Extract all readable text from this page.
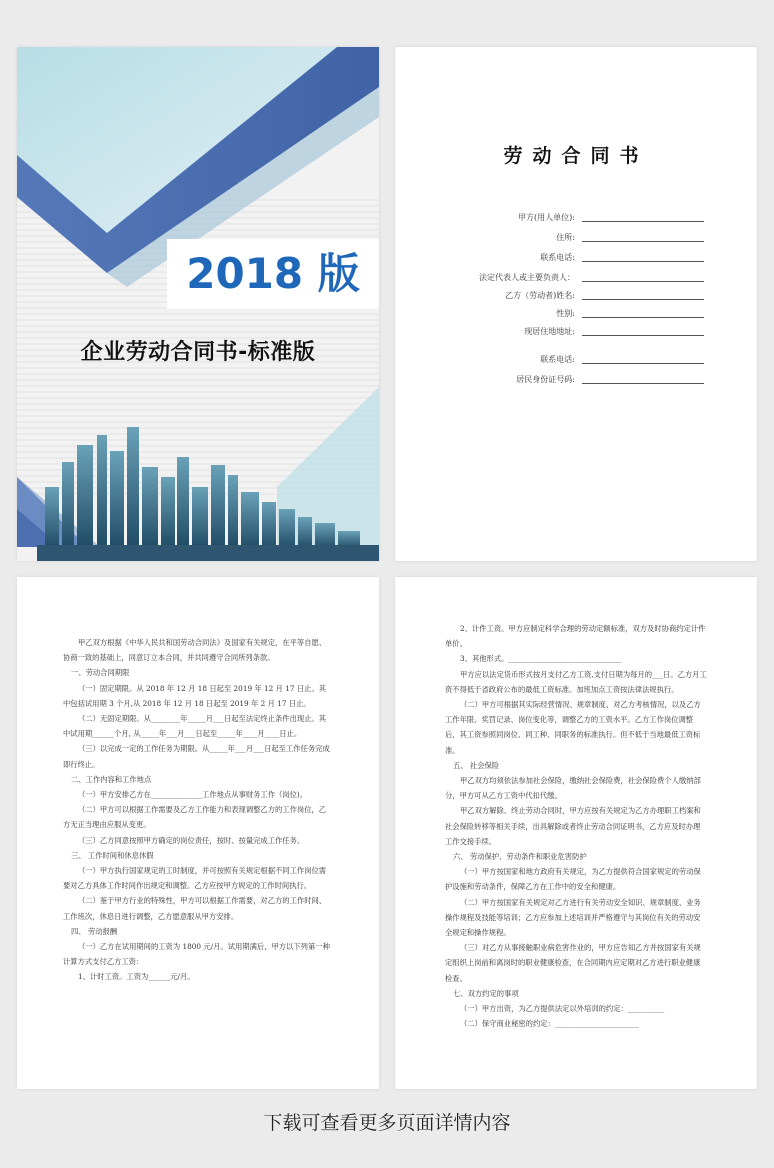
2018 版
企业劳动合同书-标准版
劳动合同书
甲方(用人单位):
住所:
联系电话:
法定代表人或主要负责人：
乙方（劳动者)姓名:
性别:
现居住地地址:
联系电话:
居民身份证号码:

甲乙双方根据《中华人民共和国劳动合同法》及国家有关规定，在平等自愿、协商一致的基础上，同意订立本合同，并共同遵守合同所列条款。

一、劳动合同期限

（一）固定期限。从 2018 年 12 月 18 日起至 2019 年 12 月 17 日止。其中包括试用期 3 个月,从 2018 年 12 月 18 日起至 2019 年 2 月 17 日止。

（二）无固定期限。从________年_____月___日起至法定终止条件出现止。其中试用期______个月, 从_____年___月___日起至_____年____月____日止。

（三）以完成一定的工作任务为期限。从_____年___月___日起至工作任务完成即行终止。

二、工作内容和工作地点

（一）甲方安排乙方在______________工作地点从事财务工作（岗位)。

（二）甲方可以根据工作需要及乙方工作能力和表现调整乙方的工作岗位，乙方无正当理由应服从变更。

（三）乙方同意按照甲方确定的岗位责任，按时、按量完成工作任务。

三、 工作时间和休息休假

（一）甲方执行国家规定的工时制度，并可按照有关规定根据不同工作岗位需要对乙方具体工作时间作出规定和调整。乙方应按甲方规定的工作时间执行。

（二）鉴于甲方行业的特殊性，甲方可以根据工作需要，对乙方的工作时间、工作班次，休息日进行调整，乙方愿意服从甲方安排。

四、 劳动报酬

（一）乙方在试用期间的工资为 1800 元/月。试用期满后，甲方以下列第一种计算方式支付乙方工资：

1、计时工资。工资为______元/月。

2、计件工资。甲方应制定科学合理的劳动定额标准，双方及时协商约定计件单价。

3、其他形式。_______________________________

甲方应以法定货币形式按月支付乙方工资,支付日期为每月的___日。乙方月工资不得低于省政府公布的最低工资标准。加班加点工资按法律法规执行。

（二）甲方可根据其实际经营情况、规章制度、对乙方考核情况，以及乙方工作年限、奖罚记录、岗位变化等，调整乙方的工资水平。乙方工作岗位调整后，其工资参照同岗位、同工种、同职务的标准执行。但不低于当地最低工资标准。

五、 社会保险

甲乙双方均须依法参加社会保险，缴纳社会保险费，社会保险费个人缴纳部分，甲方可从乙方工资中代扣代缴。

甲乙双方解除、终止劳动合同时，甲方应按有关规定为乙方办理职工档案和社会保险转移等相关手续，出具解除或者终止劳动合同证明书，乙方应及时办理工作交接手续。

六、 劳动保护、劳动条件和职业危害防护

（一）甲方按国家和地方政府有关规定，为乙方提供符合国家规定的劳动保护设施和劳动条件，保障乙方在工作中的安全和健康。

（二）甲方按国家有关规定对乙方进行有关劳动安全知识、规章制度、业务操作规程及技能等培训；乙方应参加上述培训并严格遵守与其岗位有关的劳动安全规定和操作规程。

（三）对乙方从事接触职业病危害作业的，甲方应告知乙方并按国家有关规定组织上岗前和离岗时的职业健康检查，在合同期内应定期对乙方进行职业健康检查。

七、双方约定的事项

（一）甲方出资，为乙方提供法定以外培训的约定：__________

（二）保守商业秘密的约定：_______________________

下载可查看更多页面详情内容
